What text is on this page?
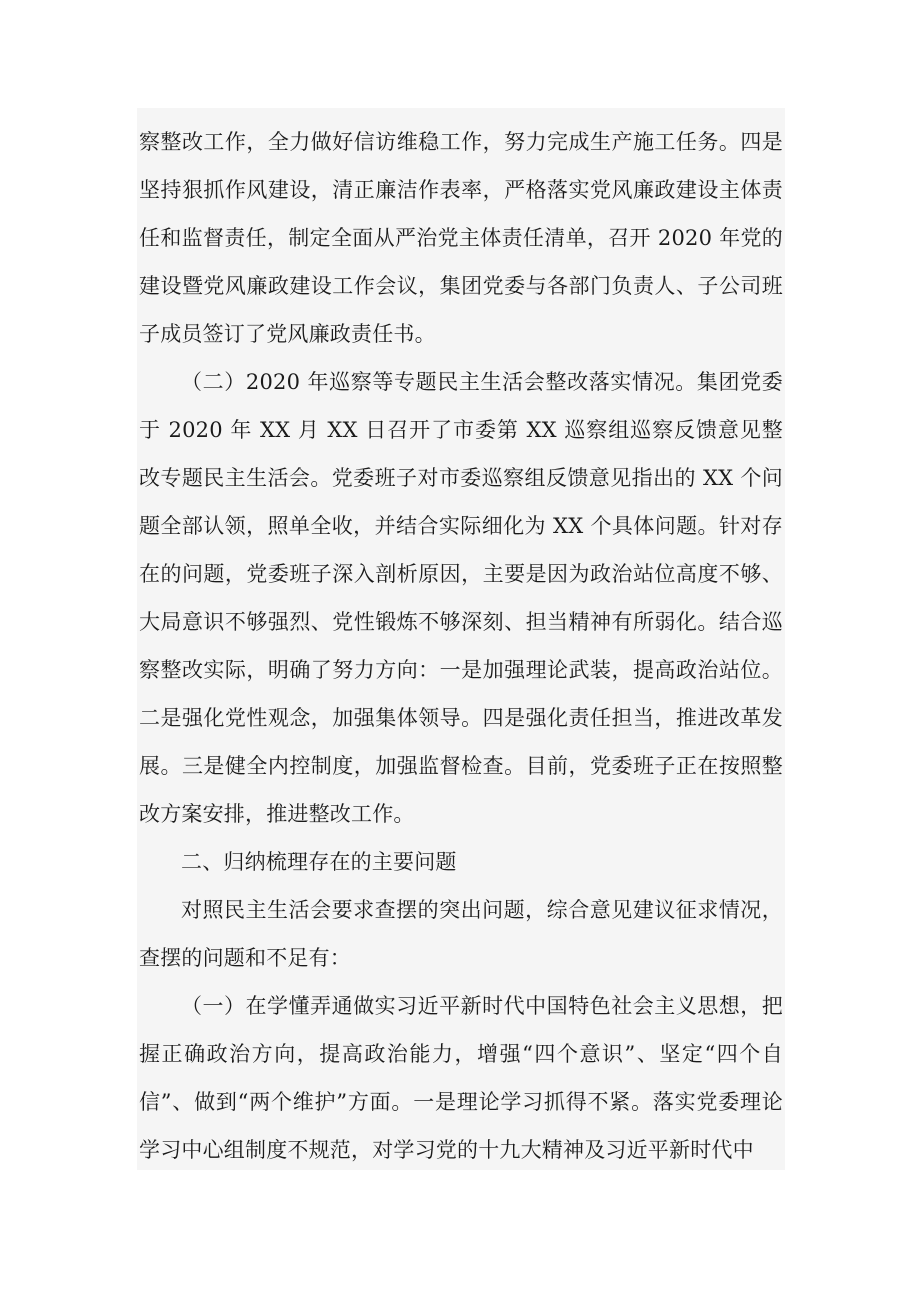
察整改工作，全力做好信访维稳工作，努力完成生产施工任务。四是坚持狠抓作风建设，清正廉洁作表率，严格落实党风廉政建设主体责任和监督责任，制定全面从严治党主体责任清单，召开 2020 年党的建设暨党风廉政建设工作会议，集团党委与各部门负责人、子公司班子成员签订了党风廉政责任书。

（二）2020 年巡察等专题民主生活会整改落实情况。集团党委于 2020 年 XX 月 XX 日召开了市委第 XX 巡察组巡察反馈意见整改专题民主生活会。党委班子对市委巡察组反馈意见指出的 XX 个问题全部认领，照单全收，并结合实际细化为 XX 个具体问题。针对存在的问题，党委班子深入剖析原因，主要是因为政治站位高度不够、大局意识不够强烈、党性锻炼不够深刻、担当精神有所弱化。结合巡察整改实际，明确了努力方向：一是加强理论武装，提高政治站位。二是强化党性观念，加强集体领导。四是强化责任担当，推进改革发展。三是健全内控制度，加强监督检查。目前，党委班子正在按照整改方案安排，推进整改工作。

二、归纳梳理存在的主要问题

对照民主生活会要求查摆的突出问题，综合意见建议征求情况，查摆的问题和不足有：

（一）在学懂弄通做实习近平新时代中国特色社会主义思想，把握正确政治方向，提高政治能力，增强“四个意识”、坚定“四个自信”、做到“两个维护”方面。一是理论学习抓得不紧。落实党委理论学习中心组制度不规范，对学习党的十九大精神及习近平新时代中
